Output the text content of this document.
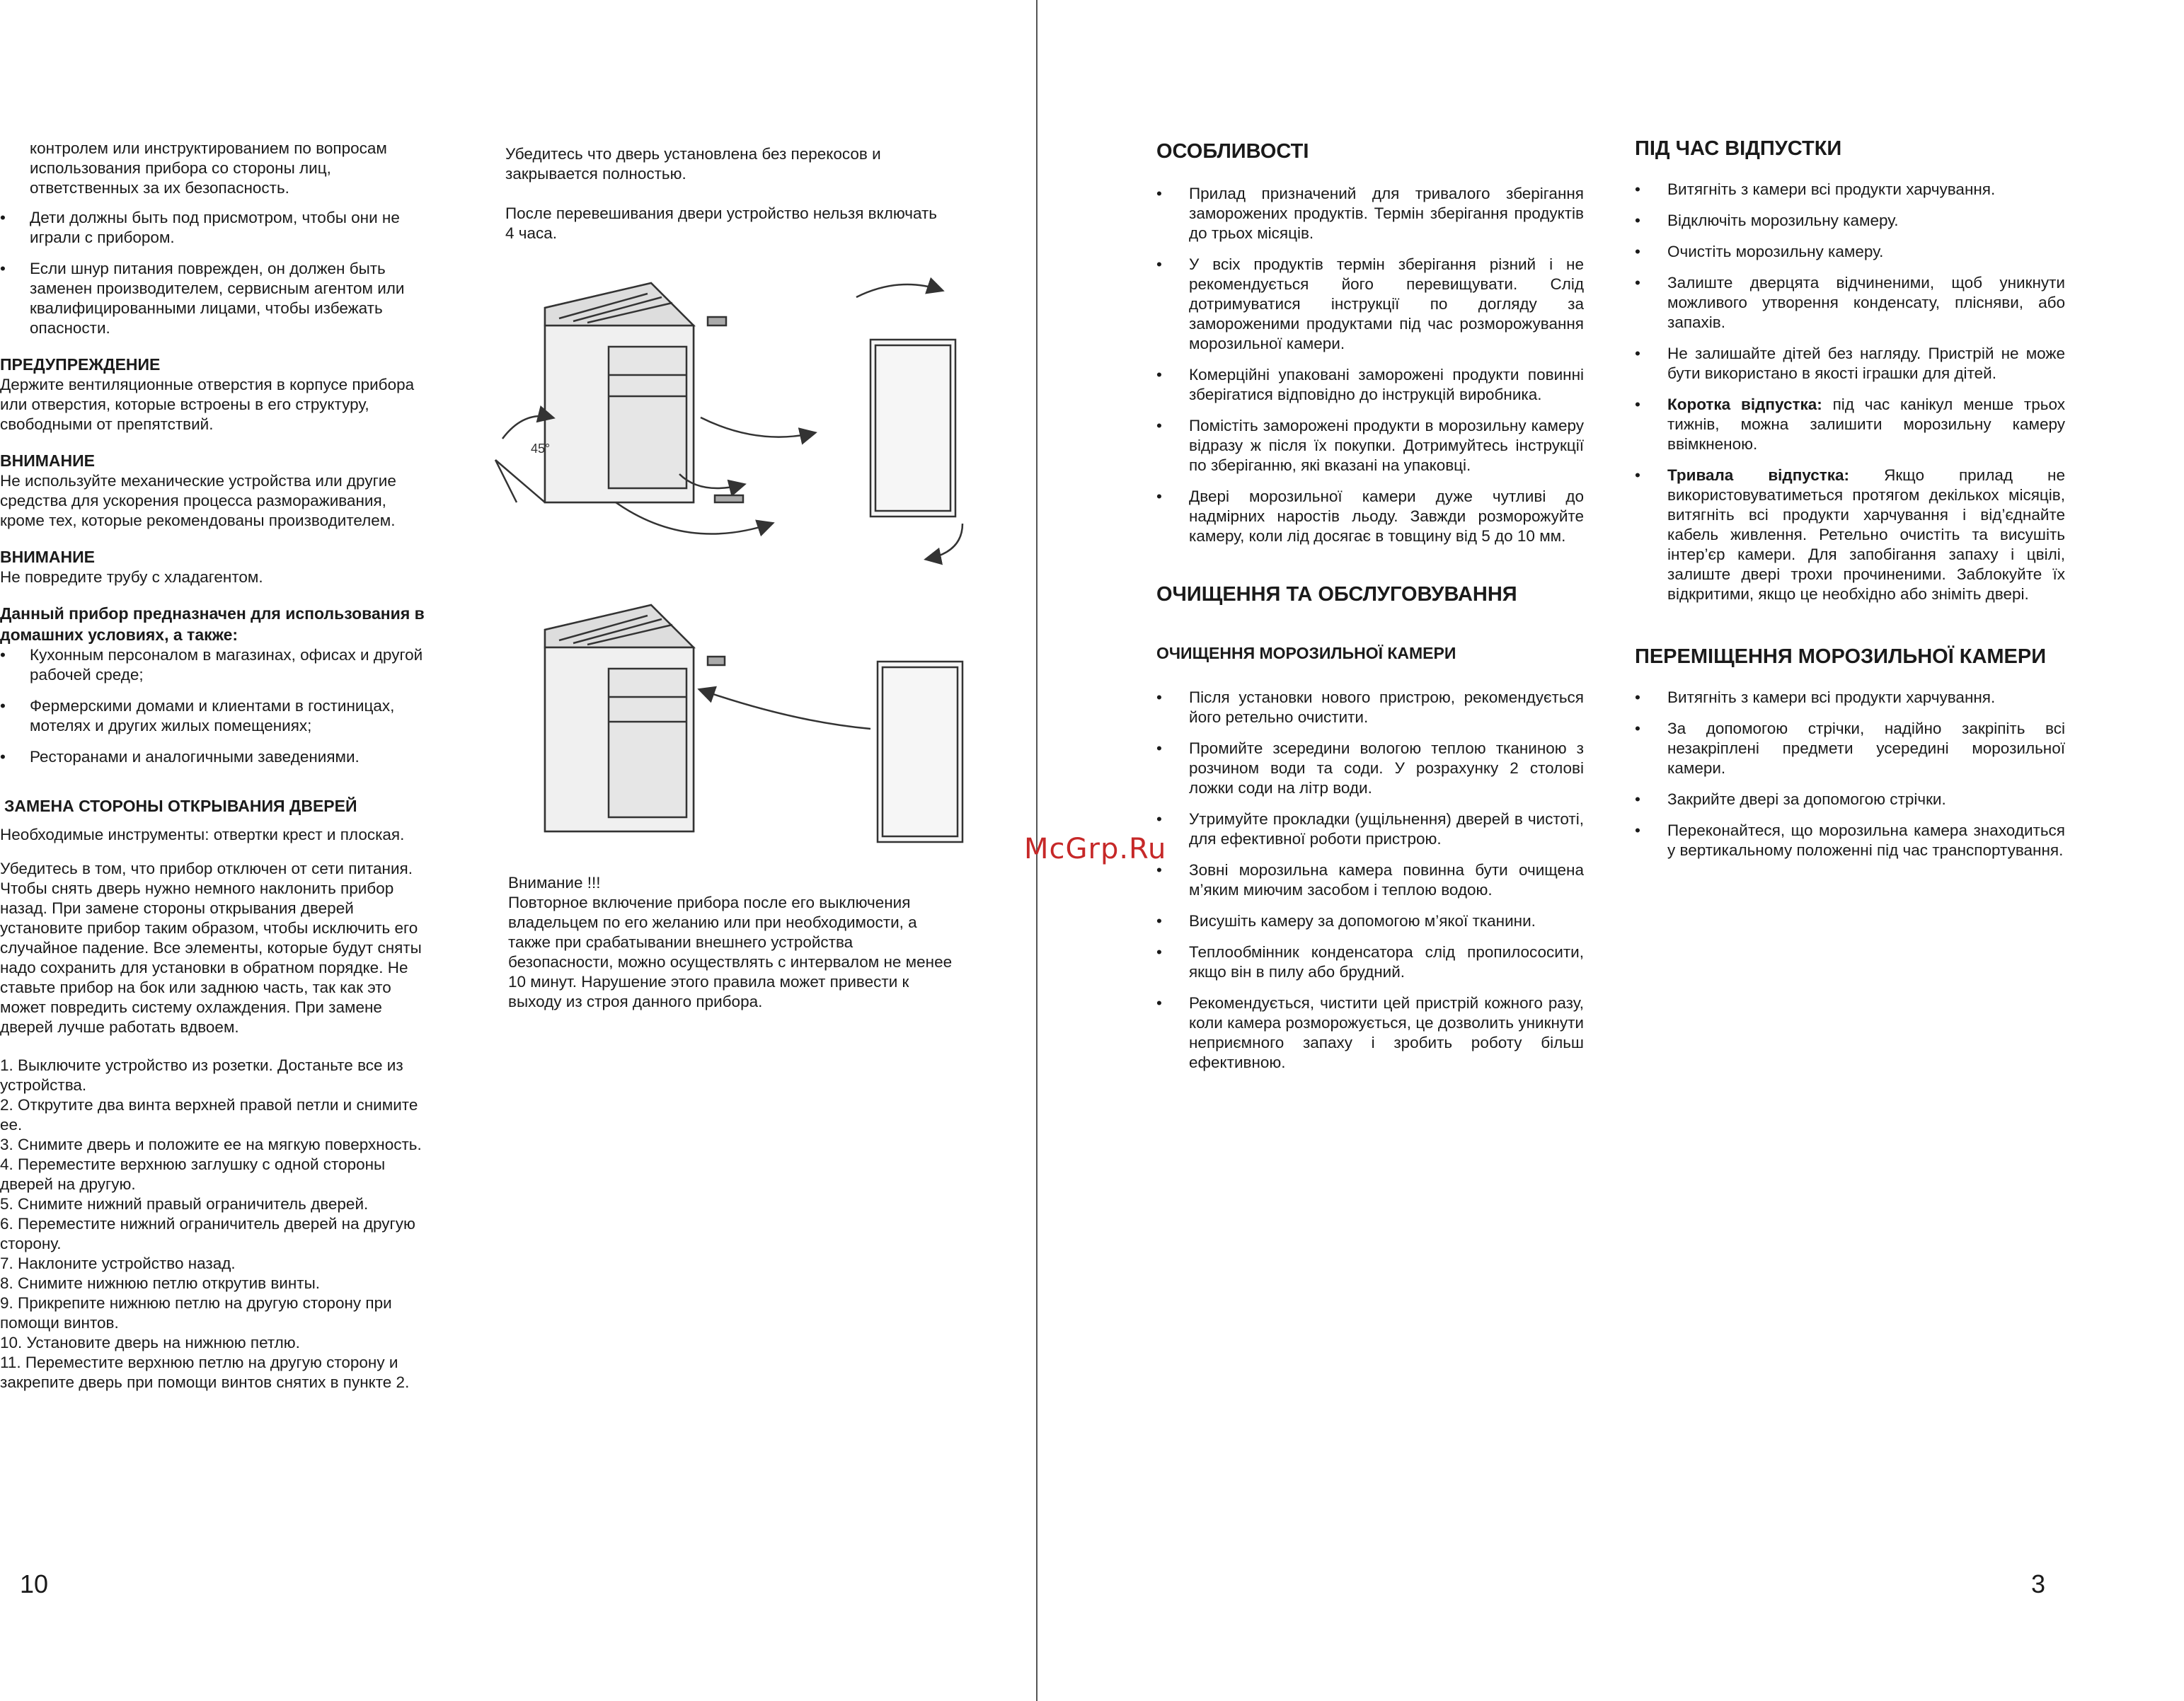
контролем или инструктированием по вопросам использования прибора со стороны лиц, ответственных за их безопасность.

• Дети должны быть под присмотром, чтобы они не играли с прибором.
• Если шнур питания поврежден, он должен быть заменен производителем, сервисным агентом или квалифицированными лицами, чтобы избежать опасности.

ПРЕДУПРЕЖДЕНИЕ

Держите вентиляционные отверстия в корпусе прибора или отверстия, которые встроены в его структуру, свободными от препятствий.

ВНИМАНИЕ

Не используйте механические устройства или другие средства для ускорения процесса размораживания, кроме тех, которые рекомендованы производителем.

ВНИМАНИЕ

Не повредите трубу с хладагентом.

Данный прибор предназначен для использования в домашних условиях, а также:

• Кухонным персоналом в магазинах, офисах и другой рабочей среде;
• Фермерскими домами и клиентами в гостиницах, мотелях и других жилых помещениях;
• Ресторанами и аналогичными заведениями.

ЗАМЕНА СТОРОНЫ ОТКРЫВАНИЯ ДВЕРЕЙ

Необходимые инструменты: отвертки крест и плоская.

Убедитесь в том, что прибор отключен от сети питания. Чтобы снять дверь нужно немного наклонить прибор назад. При замене стороны открывания дверей установите прибор таким образом, чтобы исключить его случайное падение. Все элементы, которые будут сняты надо сохранить для установки в обратном порядке. Не ставьте прибор на бок или заднюю часть, так как это может повредить систему охлаждения. При замене дверей лучше работать вдвоем.

1. Выключите устройство из розетки. Достаньте все из устройства.

2. Открутите два винта верхней правой петли и снимите ее.

3. Снимите дверь и положите ее на мягкую поверхность.

4. Переместите верхнюю заглушку с одной стороны дверей на другую.

5. Снимите нижний правый ограничитель дверей.

6. Переместите нижний ограничитель дверей на другую сторону.

7. Наклоните устройство назад.

8. Снимите нижнюю петлю открутив винты.

9. Прикрепите нижнюю петлю на другую сторону при помощи винтов.

10. Установите дверь на нижнюю петлю.

11. Переместите верхнюю петлю на другую сторону и закрепите дверь при помощи винтов снятих в пункте 2.

Убедитесь что дверь установлена без перекосов и закрывается полностью.

После перевешивания двери устройство нельзя включать 4 часа.

45°

Внимание !!!

Повторное включение прибора после его выключения владельцем по его желанию или при необходимости, а также при срабатывании внешнего устройства безопасности, можно осуществлять с интервалом не менее 10 минут. Нарушение этого правила может привести к выходу из строя данного прибора.

10
McGrp.Ru

ОСОБЛИВОСТІ

• Прилад призначений для тривалого зберігання заморожених продуктів. Термін зберігання продуктів до трьох місяців.
• У всіх продуктів термін зберігання різний і не рекомендується його перевищувати. Слід дотримуватися інструкції по догляду за замороженими продуктами під час розморожування морозильної камери.
• Комерційні упаковані заморожені продукти повинні зберігатися відповідно до інструкцій виробника.
• Помістіть заморожені продукти в морозильну камеру відразу ж після їх покупки. Дотримуйтесь інструкції по зберіганню, які вказані на упаковці.
• Двері морозильної камери дуже чутливі до надмірних наростів льоду. Завжди розморожуйте камеру, коли лід досягає в товщину від 5 до 10 мм.

ОЧИЩЕННЯ ТА ОБСЛУГОВУВАННЯ

ОЧИЩЕННЯ МОРОЗИЛЬНОЇ КАМЕРИ

• Після установки нового пристрою, рекомендується його ретельно очистити.
• Промийте зсередини вологою теплою тканиною з розчином води та соди. У розрахунку 2 столові ложки соди на літр води.
• Утримуйте прокладки (ущільнення) дверей в чистоті, для ефективної роботи пристрою.
• Зовні морозильна камера повинна бути очищена м’яким миючим засобом і теплою водою.
• Висушіть камеру за допомогою м’якої тканини.
• Теплообмінник конденсатора слід пропилососити, якщо він в пилу або брудний.
• Рекомендується, чистити цей пристрій кожного разу, коли камера розморожується, це дозволить уникнути неприємного запаху і зробить роботу більш ефективною.

ПІД ЧАС ВІДПУСТКИ

• Витягніть з камери всі продукти харчування.
• Відключіть морозильну камеру.
• Очистіть морозильну камеру.
• Залиште дверцята відчиненими, щоб уникнути можливого утворення конденсату, плісняви, або запахів.
• Не залишайте дітей без нагляду. Пристрій не може бути використано в якості іграшки для дітей.
• Коротка відпустка: під час канікул менше трьох тижнів, можна залишити морозильну камеру ввімкненою.
• Тривала відпустка: Якщо прилад не використовуватиметься протягом декількох місяців, витягніть всі продукти харчування і від’єднайте кабель живлення. Ретельно очистіть та висушіть інтер’єр камери. Для запобігання запаху і цвілі, залиште двері трохи прочиненими. Заблокуйте їх відкритими, якщо це необхідно або зніміть двері.

ПЕРЕМІЩЕННЯ МОРОЗИЛЬНОЇ КАМЕРИ

• Витягніть з камери всі продукти харчування.
• За допомогою стрічки, надійно закріпіть всі незакріплені предмети усередині морозильної камери.
• Закрийте двері за допомогою стрічки.
• Переконайтеся, що морозильна камера знаходиться у вертикальному положенні під час транспортування.
3
